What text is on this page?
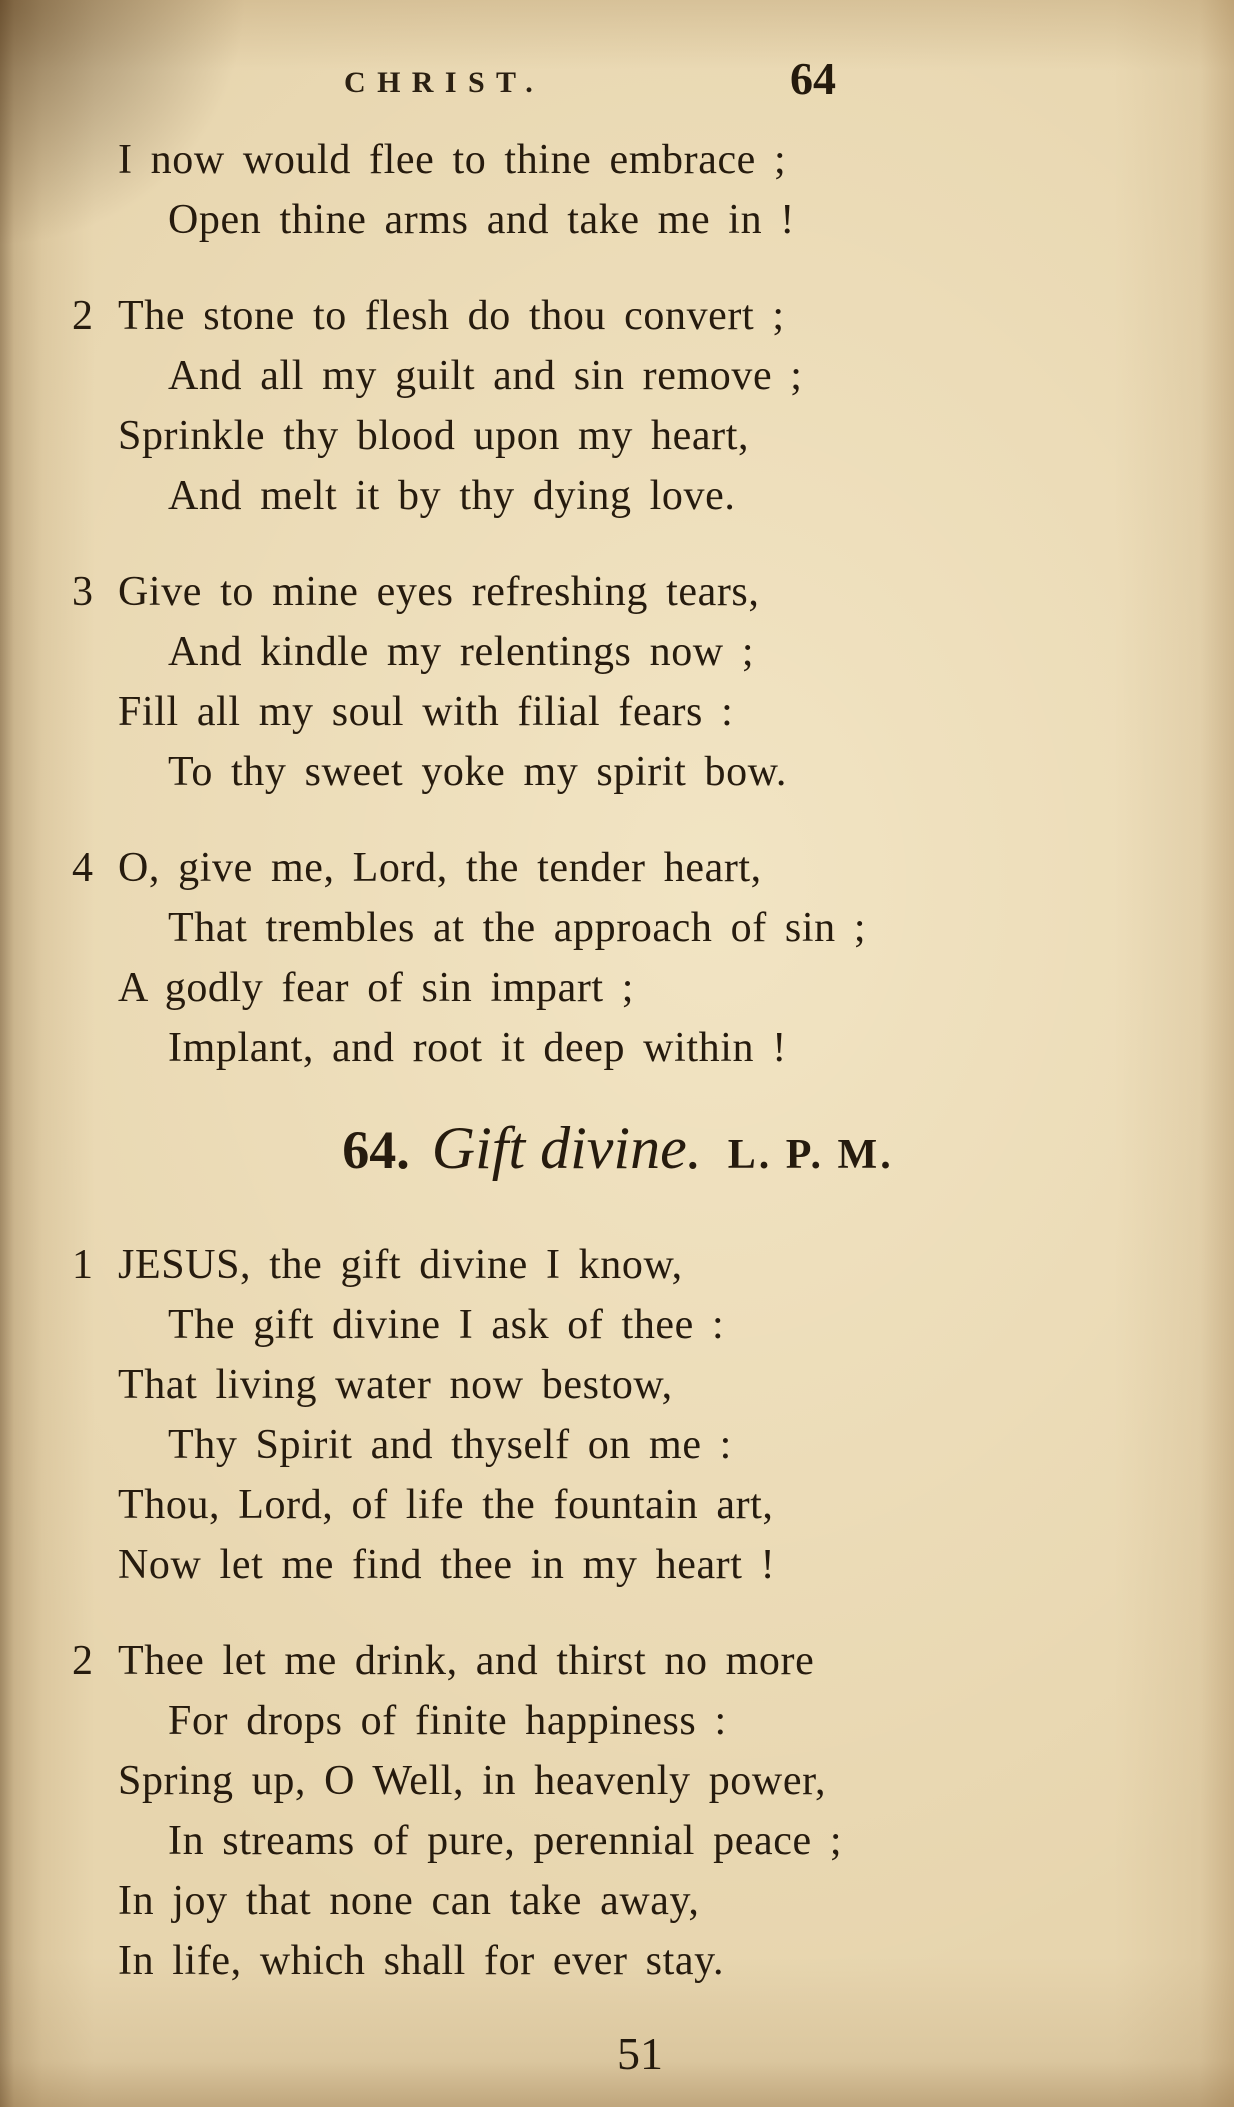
CHRIST.	64
I now would flee to thine embrace ;
Open thine arms and take me in !
2 The stone to flesh do thou convert ;
And all my guilt and sin remove ;
Sprinkle thy blood upon my heart,
And melt it by thy dying love.
3 Give to mine eyes refreshing tears,
And kindle my relentings now ;
Fill all my soul with filial fears :
To thy sweet yoke my spirit bow.
4 O, give me, Lord, the tender heart,
That trembles at the approach of sin ;
A godly fear of sin impart ;
Implant, and root it deep within !
64. Gift divine. L. P. M.
1 JESUS, the gift divine I know,
The gift divine I ask of thee :
That living water now bestow,
Thy Spirit and thyself on me :
Thou, Lord, of life the fountain art,
Now let me find thee in my heart !
2 Thee let me drink, and thirst no more
For drops of finite happiness :
Spring up, O Well, in heavenly power,
In streams of pure, perennial peace ;
In joy that none can take away,
In life, which shall for ever stay.
51
